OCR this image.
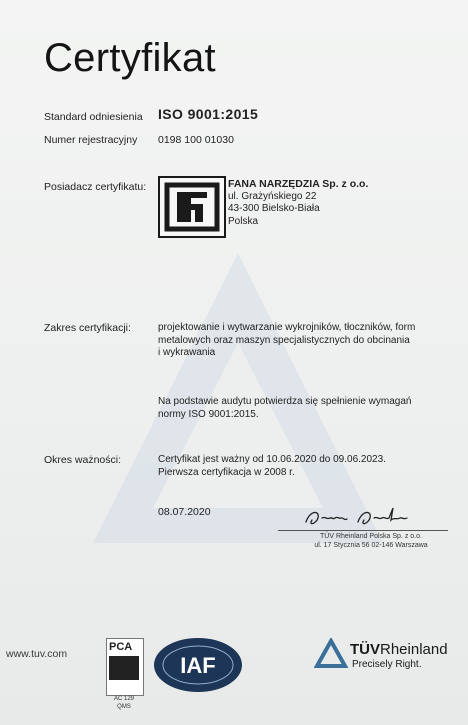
Certyfikat
Standard odniesienia ISO 9001:2015
Numer rejestracyjny 0198 100 01030
Posiadacz certyfikatu:	FANA NARZĘDZIA Sp. z o.o.
ul. Grażyńskiego 22
43-300 Bielsko-Biała
Polska
Zakres certyfikacji:	projektowanie i wytwarzanie wykrojników, tłoczników, form
metalowych oraz maszyn specjalistycznych do obcinania
i wykrawania
Na podstawie audytu potwierdza się spełnienie wymagań
normy ISO 9001:2015.
Okres ważności:	Certyfikat jest ważny od 10.06.2020 do 09.06.2023.
Pierwsza certyfikacja w 2008 r.
08.07.2020
TÜV Rheinland Polska Sp. z o.o.
ul. 17 Stycznia 56 02-146 Warszawa
www.tuv.com
PCA
AC 129
QMS
IAF
TÜVRheinland
Precisely Right.
